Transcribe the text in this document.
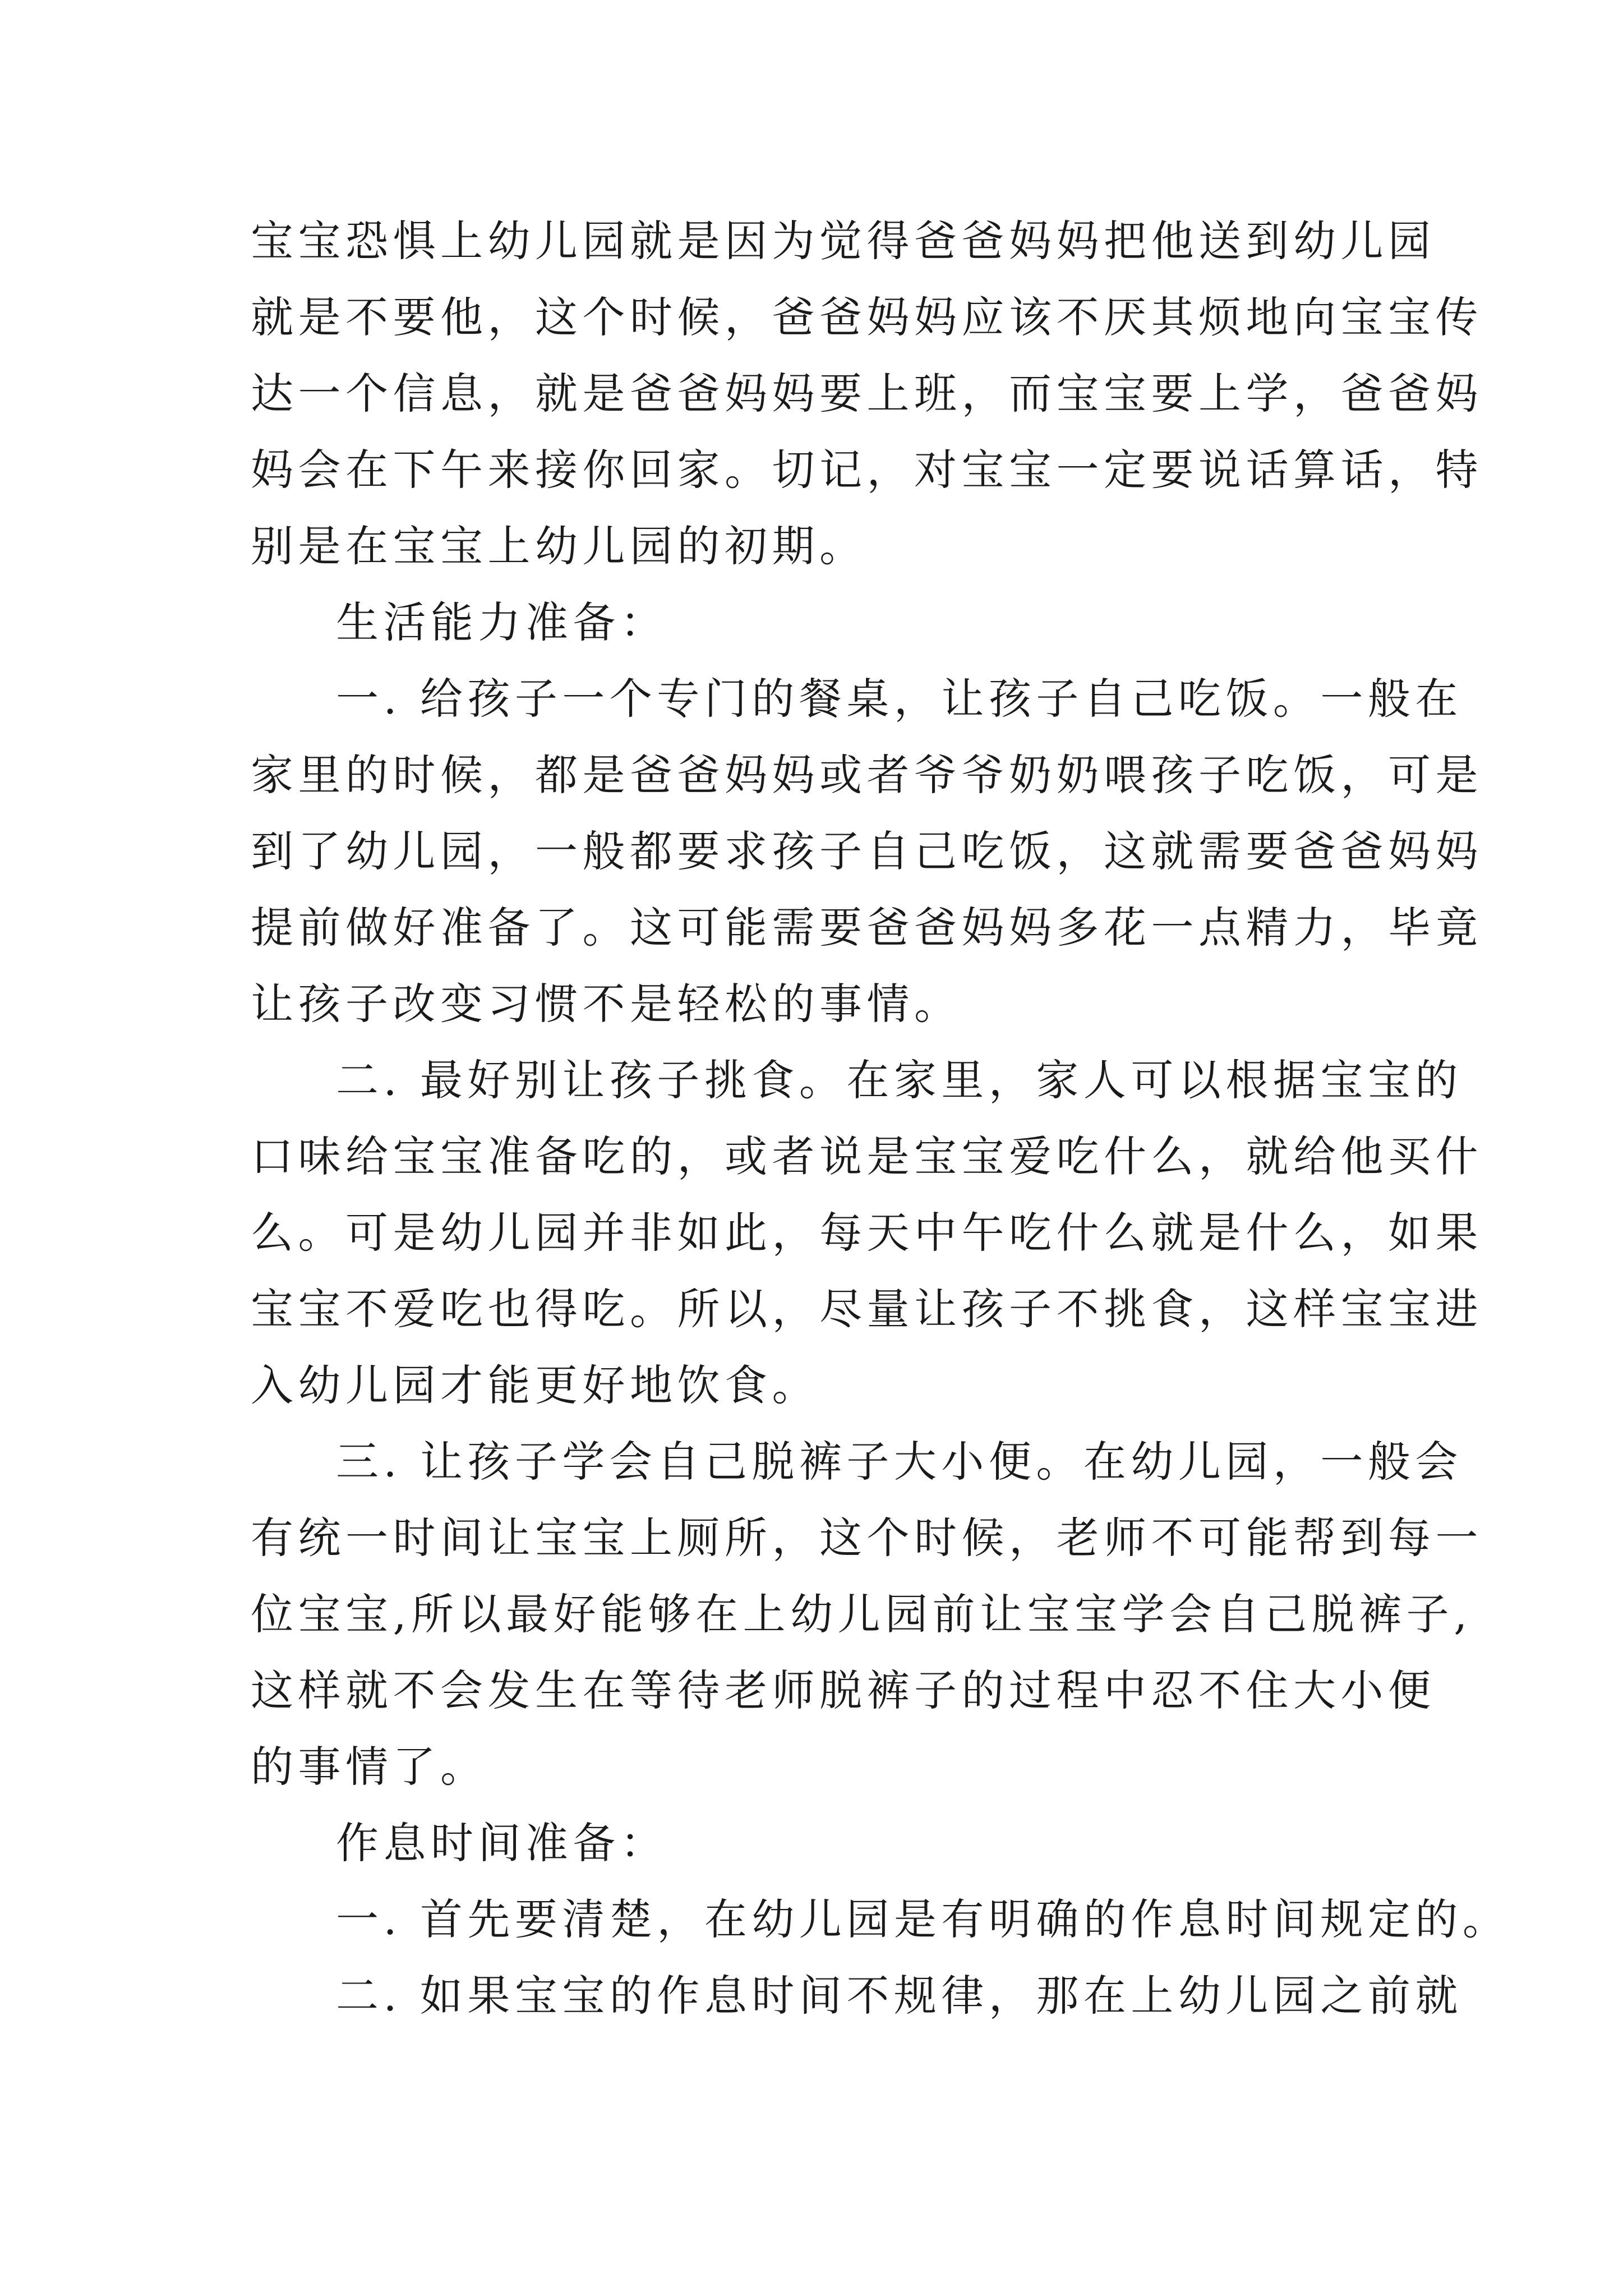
宝宝恐惧上幼儿园就是因为觉得爸爸妈妈把他送到幼儿园
就是不要他，这个时候，爸爸妈妈应该不厌其烦地向宝宝传
达一个信息，就是爸爸妈妈要上班，而宝宝要上学，爸爸妈
妈会在下午来接你回家。切记，对宝宝一定要说话算话，特
别是在宝宝上幼儿园的初期。
生活能力准备：
一. 给孩子一个专门的餐桌，让孩子自己吃饭。一般在
家里的时候，都是爸爸妈妈或者爷爷奶奶喂孩子吃饭，可是
到了幼儿园，一般都要求孩子自己吃饭，这就需要爸爸妈妈
提前做好准备了。这可能需要爸爸妈妈多花一点精力，毕竟
让孩子改变习惯不是轻松的事情。
二. 最好别让孩子挑食。在家里，家人可以根据宝宝的
口味给宝宝准备吃的，或者说是宝宝爱吃什么，就给他买什
么。可是幼儿园并非如此，每天中午吃什么就是什么，如果
宝宝不爱吃也得吃。所以，尽量让孩子不挑食，这样宝宝进
入幼儿园才能更好地饮食。
三. 让孩子学会自己脱裤子大小便。在幼儿园，一般会
有统一时间让宝宝上厕所，这个时候，老师不可能帮到每一
位宝宝,所以最好能够在上幼儿园前让宝宝学会自己脱裤子,
这样就不会发生在等待老师脱裤子的过程中忍不住大小便
的事情了。
作息时间准备：
一. 首先要清楚，在幼儿园是有明确的作息时间规定的。
二. 如果宝宝的作息时间不规律，那在上幼儿园之前就
